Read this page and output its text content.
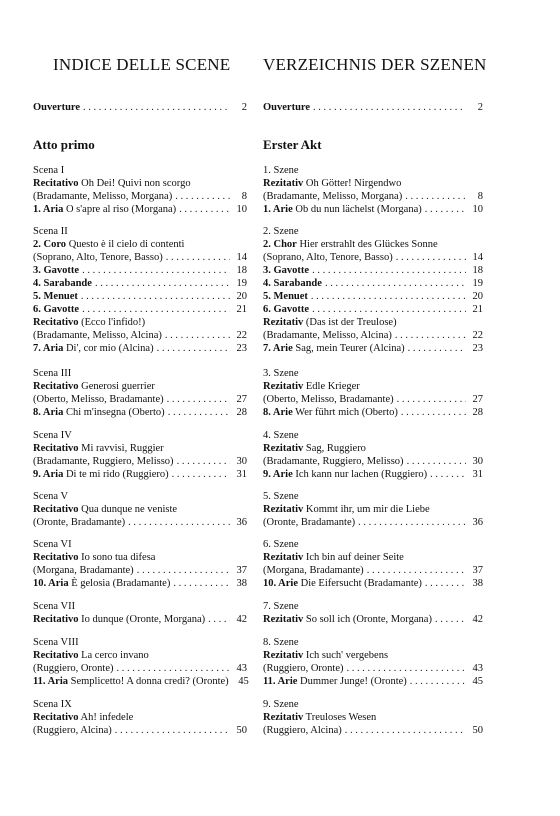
INDICE DELLE SCENE
Ouverture . . .	2
Atto primo
Scena I
Recitativo Oh Dei! Quivi non scorgo
(Bradamante, Melisso, Morgana) . . .	8
1. Aria O s'apre al riso (Morgana) . . .	10
Scena II
2. Coro Questo è il cielo di contenti
(Soprano, Alto, Tenore, Basso) . . .	14
3. Gavotte . . .	18
4. Sarabande . . .	19
5. Menuet . . .	20
6. Gavotte . . .	21
Recitativo (Ecco l'infido!)
(Bradamante, Melisso, Alcina) . . .	22
7. Aria Di', cor mio (Alcina) . . .	23
Scena III
Recitativo Generosi guerrier
(Oberto, Melisso, Bradamante) . . .	27
8. Aria Chi m'insegna (Oberto) . . .	28
Scena IV
Recitativo Mi ravvisi, Ruggier
(Bradamante, Ruggiero, Melisso) . . .	30
9. Aria Di te mi rido (Ruggiero) . . .	31
Scena V
Recitativo Qua dunque ne veniste
(Oronte, Bradamante) . . .	36
Scena VI
Recitativo Io sono tua difesa
(Morgana, Bradamante) . . .	37
10. Aria È gelosia (Bradamante) . . .	38
Scena VII
Recitativo Io dunque (Oronte, Morgana) . . .	42
Scena VIII
Recitativo La cerco invano
(Ruggiero, Oronte) . . .	43
11. Aria Semplicetto! A donna credi? (Oronte) 45
Scena IX
Recitativo Ah! infedele
(Ruggiero, Alcina) . . .	50
VERZEICHNIS DER SZENEN
Ouverture . . .	2
Erster Akt
1. Szene
Rezitativ Oh Götter! Nirgendwo
(Bradamante, Melisso, Morgana) . . .	8
1. Arie Ob du nun lächelst (Morgana) . . .	10
2. Szene
2. Chor Hier erstrahlt des Glückes Sonne
(Soprano, Alto, Tenore, Basso) . . .	14
3. Gavotte . . .	18
4. Sarabande . . .	19
5. Menuet . . .	20
6. Gavotte . . .	21
Rezitativ (Das ist der Treulose)
(Bradamante, Melisso, Alcina) . . .	22
7. Arie Sag, mein Teurer (Alcina) . . .	23
3. Szene
Rezitativ Edle Krieger
(Oberto, Melisso, Bradamante) . . .	27
8. Arie Wer führt mich (Oberto) . . .	28
4. Szene
Rezitativ Sag, Ruggiero
(Bradamante, Ruggiero, Melisso) . . .	30
9. Arie Ich kann nur lachen (Ruggiero) . . .	31
5. Szene
Rezitativ Kommt ihr, um mir die Liebe
(Oronte, Bradamante) . . .	36
6. Szene
Rezitativ Ich bin auf deiner Seite
(Morgana, Bradamante) . . .	37
10. Arie Die Eifersucht (Bradamante) . . .	38
7. Szene
Rezitativ So soll ich (Oronte, Morgana) . . .	42
8. Szene
Rezitativ Ich such' vergebens
(Ruggiero, Oronte) . . .	43
11. Arie Dummer Junge! (Oronte) . . .	45
9. Szene
Rezitativ Treuloses Wesen
(Ruggiero, Alcina) . . .	50
